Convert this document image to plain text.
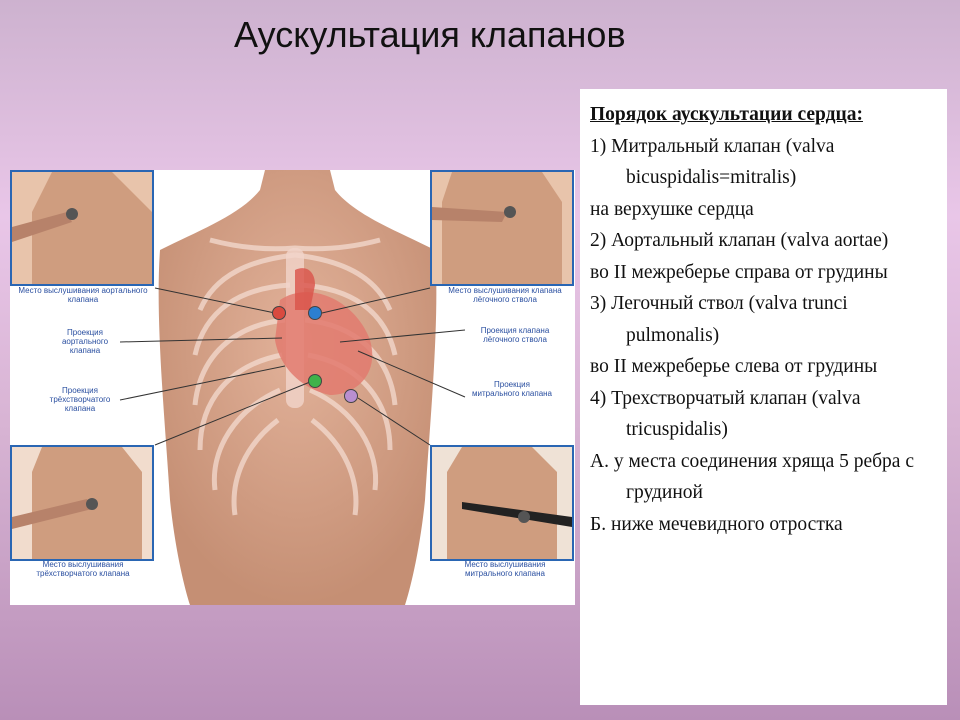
Аускультация клапанов
Место выслушивания аортального клапана
Место выслушивания клапана лёгочного ствола
Место выслушивания трёхстворчатого клапана
Место выслушивания митрального клапана
Проекция аортального клапана
Проекция трёхстворчатого клапана
Проекция клапана лёгочного ствола
Проекция митрального клапана
Порядок аускультации сердца:
1) Митральный клапан (valva bicuspidalis=mitralis)
на верхушке сердца
2) Аортальный клапан (valva aortae)
во II межреберье справа от грудины
3) Легочный ствол (valva trunci pulmonalis)
во II межреберье слева от грудины
4) Трехстворчатый клапан (valva tricuspidalis)
А. у места соединения хряща 5 ребра с грудиной
Б. ниже мечевидного отростка
